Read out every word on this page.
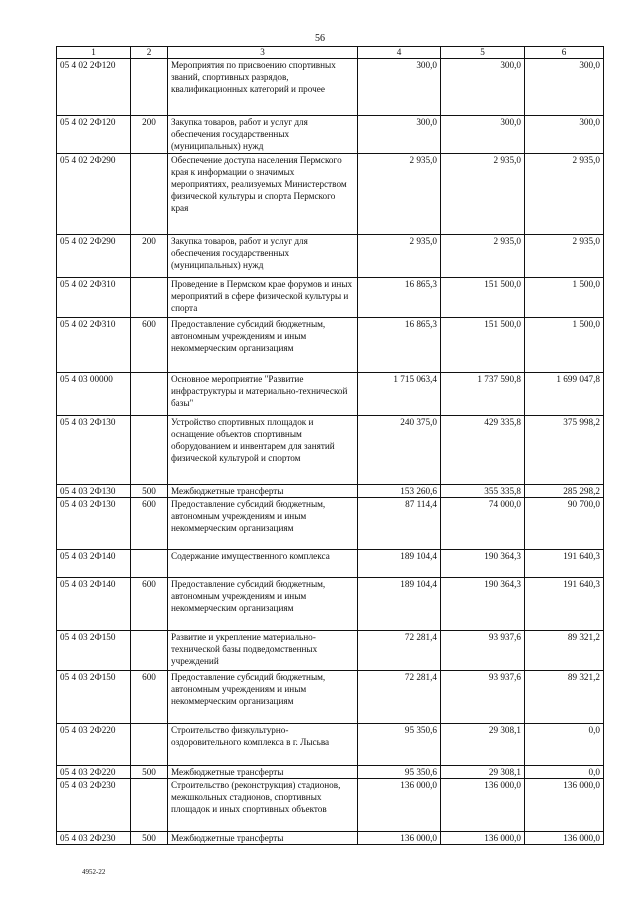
56
1	2	3	4	5	6
05 4 02 2Ф120		Мероприятия по присвоению спортивных званий, спортивных разрядов, квалификационных категорий и прочее	300,0	300,0	300,0
05 4 02 2Ф120	200	Закупка товаров, работ и услуг для обеспечения государственных (муниципальных) нужд	300,0	300,0	300,0
05 4 02 2Ф290		Обеспечение доступа населения Пермского края к информации о значимых мероприятиях, реализуемых Министерством физической культуры и спорта Пермского края	2 935,0	2 935,0	2 935,0
05 4 02 2Ф290	200	Закупка товаров, работ и услуг для обеспечения государственных (муниципальных) нужд	2 935,0	2 935,0	2 935,0
05 4 02 2Ф310		Проведение в Пермском крае форумов и иных мероприятий в сфере физической культуры и спорта	16 865,3	151 500,0	1 500,0
05 4 02 2Ф310	600	Предоставление субсидий бюджетным, автономным учреждениям и иным некоммерческим организациям	16 865,3	151 500,0	1 500,0
05 4 03 00000		Основное мероприятие "Развитие инфраструктуры и материально-технической базы"	1 715 063,4	1 737 590,8	1 699 047,8
05 4 03 2Ф130		Устройство спортивных площадок и оснащение объектов спортивным оборудованием и инвентарем для занятий физической культурой и спортом	240 375,0	429 335,8	375 998,2
05 4 03 2Ф130	500	Межбюджетные трансферты	153 260,6	355 335,8	285 298,2
05 4 03 2Ф130	600	Предоставление субсидий бюджетным, автономным учреждениям и иным некоммерческим организациям	87 114,4	74 000,0	90 700,0
05 4 03 2Ф140		Содержание имущественного комплекса	189 104,4	190 364,3	191 640,3
05 4 03 2Ф140	600	Предоставление субсидий бюджетным, автономным учреждениям и иным некоммерческим организациям	189 104,4	190 364,3	191 640,3
05 4 03 2Ф150		Развитие и укрепление материально-технической базы подведомственных учреждений	72 281,4	93 937,6	89 321,2
05 4 03 2Ф150	600	Предоставление субсидий бюджетным, автономным учреждениям и иным некоммерческим организациям	72 281,4	93 937,6	89 321,2
05 4 03 2Ф220		Строительство физкультурно-оздоровительного комплекса в г. Лысьва	95 350,6	29 308,1	0,0
05 4 03 2Ф220	500	Межбюджетные трансферты	95 350,6	29 308,1	0,0
05 4 03 2Ф230		Строительство (реконструкция) стадионов, межшкольных стадионов, спортивных площадок и иных спортивных объектов	136 000,0	136 000,0	136 000,0
05 4 03 2Ф230	500	Межбюджетные трансферты	136 000,0	136 000,0	136 000,0
4952-22
